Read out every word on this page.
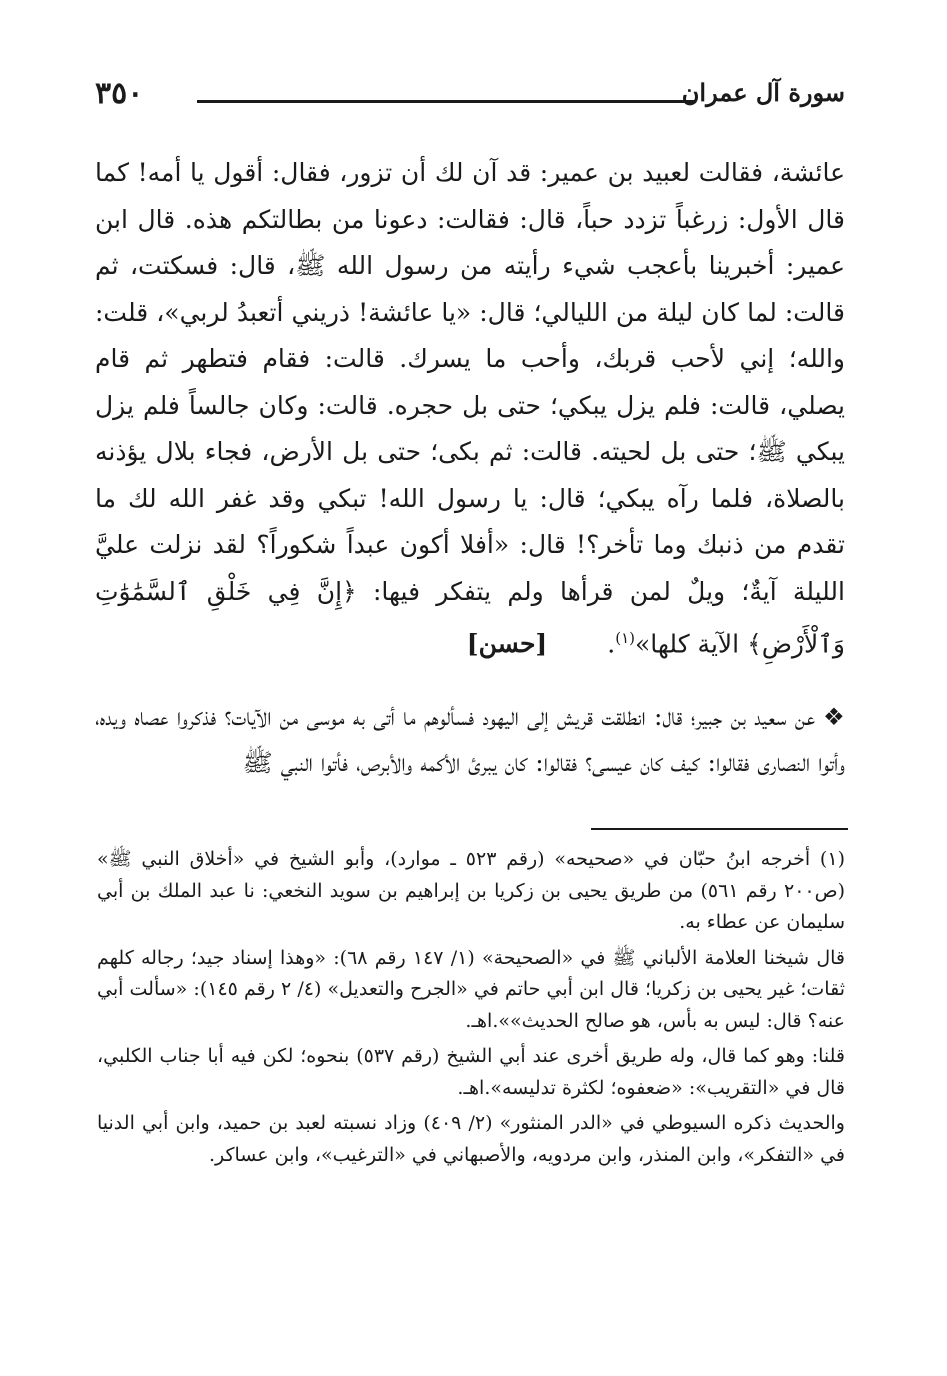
٣٥٠	سورة آل عمران

عائشة، فقالت لعبيد بن عمير: قد آن لك أن تزور، فقال: أقول يا أمه! كما قال الأول: زرغباً تزدد حباً، قال: فقالت: دعونا من بطالتكم هذه. قال ابن عمير: أخبرينا بأعجب شيء رأيته من رسول الله ﷺ، قال: فسكتت، ثم قالت: لما كان ليلة من الليالي؛ قال: «يا عائشة! ذريني أتعبدُ لربي»، قلت: والله؛ إني لأحب قربك، وأحب ما يسرك. قالت: فقام فتطهر ثم قام يصلي، قالت: فلم يزل يبكي؛ حتى بل حجره. قالت: وكان جالساً فلم يزل يبكي ﷺ؛ حتى بل لحيته. قالت: ثم بكى؛ حتى بل الأرض، فجاء بلال يؤذنه بالصلاة، فلما رآه يبكي؛ قال: يا رسول الله! تبكي وقد غفر الله لك ما تقدم من ذنبك وما تأخر؟! قال: «أفلا أكون عبداً شكوراً؟ لقد نزلت عليَّ الليلة آيةٌ؛ ويلٌ لمن قرأها ولم يتفكر فيها: ﴿إِنَّ فِي خَلْقِ ٱلسَّمَٰوَٰتِ وَٱلْأَرْضِ﴾ الآية كلها»$^{(١)}$.[حسن]

❖ عن سعيد بن جبير؛ قال: انطلقت قريش إلى اليهود فسألوهم ما أتى به موسى من الآيات؟ فذكروا عصاه ويده، وأتوا النصارى فقالوا: كيف كان عيسى؟ فقالوا: كان يبرئ الأكمه والأبرص، فأتوا النبي ﷺ

(١) أخرجه ابنُ حبّان في «صحيحه» (رقم ٥٢٣ ـ موارد)، وأبو الشيخ في «أخلاق النبي ﷺ» (ص٢٠٠ رقم ٥٦١) من طريق يحيى بن زكريا بن إبراهيم بن سويد النخعي: نا عبد الملك بن أبي سليمان عن عطاء به.

قال شيخنا العلامة الألباني ﷺ في «الصحيحة» (١/ ١٤٧ رقم ٦٨): «وهذا إسناد جيد؛ رجاله كلهم ثقات؛ غير يحيى بن زكريا؛ قال ابن أبي حاتم في «الجرح والتعديل» (٤/ ٢ رقم ١٤٥): «سألت أبي عنه؟ قال: ليس به بأس، هو صالح الحديث»».اهـ.

قلنا: وهو كما قال، وله طريق أخرى عند أبي الشيخ (رقم ٥٣٧) بنحوه؛ لكن فيه أبا جناب الكلبي، قال في «التقريب»: «ضعفوه؛ لكثرة تدليسه».اهـ.

والحديث ذكره السيوطي في «الدر المنثور» (٢/ ٤٠٩) وزاد نسبته لعبد بن حميد، وابن أبي الدنيا في «التفكر»، وابن المنذر، وابن مردويه، والأصبهاني في «الترغيب»، وابن عساكر.
